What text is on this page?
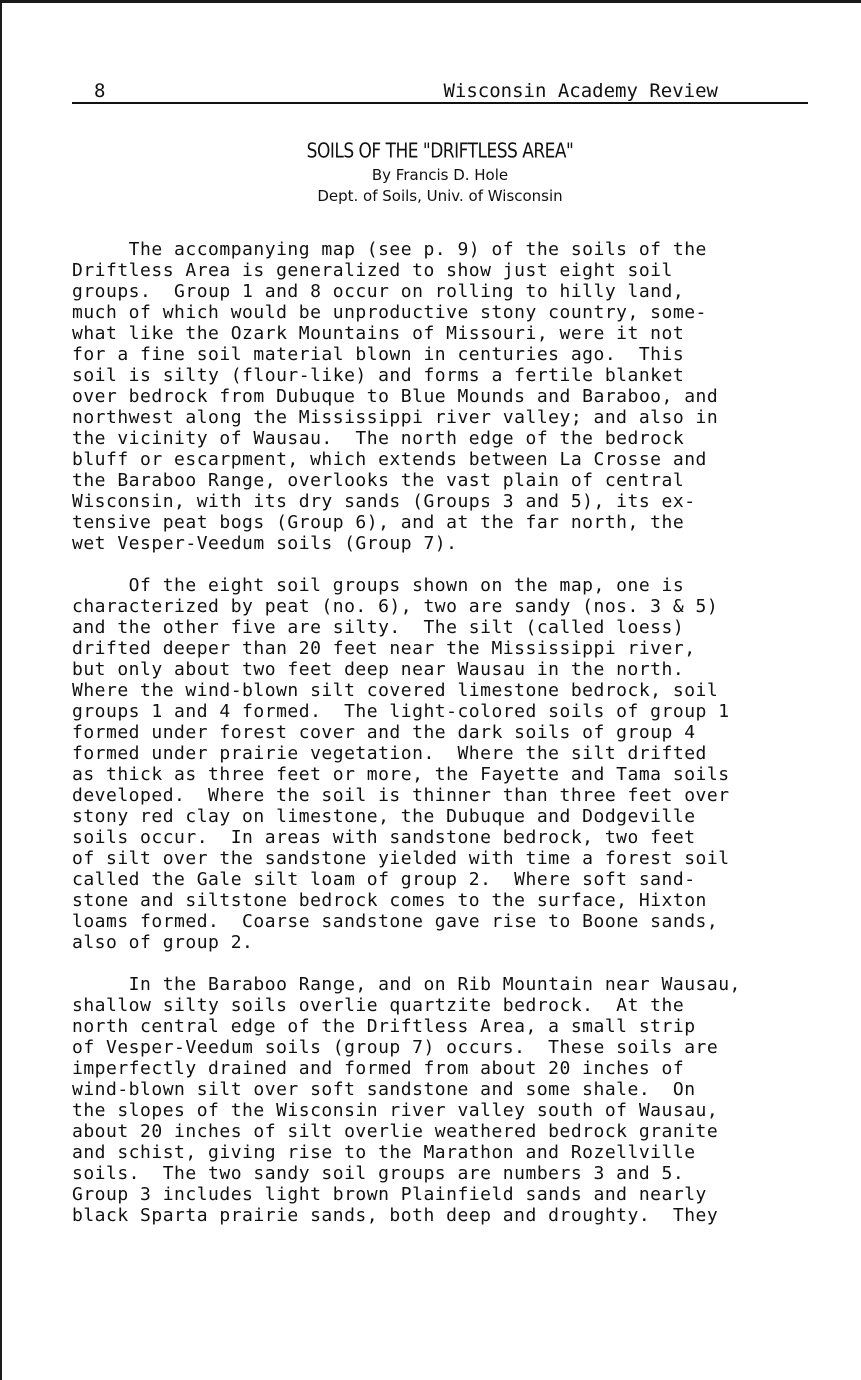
8	Wisconsin Academy Review
SOILS OF THE "DRIFTLESS AREA"
By Francis D. Hole
Dept. of Soils, Univ. of Wisconsin
The accompanying map (see p. 9) of the soils of the
Driftless Area is generalized to show just eight soil
groups.  Group 1 and 8 occur on rolling to hilly land,
much of which would be unproductive stony country, some-
what like the Ozark Mountains of Missouri, were it not
for a fine soil material blown in centuries ago.  This
soil is silty (flour-like) and forms a fertile blanket
over bedrock from Dubuque to Blue Mounds and Baraboo, and
northwest along the Mississippi river valley; and also in
the vicinity of Wausau.  The north edge of the bedrock
bluff or escarpment, which extends between La Crosse and
the Baraboo Range, overlooks the vast plain of central
Wisconsin, with its dry sands (Groups 3 and 5), its ex-
tensive peat bogs (Group 6), and at the far north, the
wet Vesper-Veedum soils (Group 7).
Of the eight soil groups shown on the map, one is
characterized by peat (no. 6), two are sandy (nos. 3 & 5)
and the other five are silty.  The silt (called loess)
drifted deeper than 20 feet near the Mississippi river,
but only about two feet deep near Wausau in the north.
Where the wind-blown silt covered limestone bedrock, soil
groups 1 and 4 formed.  The light-colored soils of group 1
formed under forest cover and the dark soils of group 4
formed under prairie vegetation.  Where the silt drifted
as thick as three feet or more, the Fayette and Tama soils
developed.  Where the soil is thinner than three feet over
stony red clay on limestone, the Dubuque and Dodgeville
soils occur.  In areas with sandstone bedrock, two feet
of silt over the sandstone yielded with time a forest soil
called the Gale silt loam of group 2.  Where soft sand-
stone and siltstone bedrock comes to the surface, Hixton
loams formed.  Coarse sandstone gave rise to Boone sands,
also of group 2.
In the Baraboo Range, and on Rib Mountain near Wausau,
shallow silty soils overlie quartzite bedrock.  At the
north central edge of the Driftless Area, a small strip
of Vesper-Veedum soils (group 7) occurs.  These soils are
imperfectly drained and formed from about 20 inches of
wind-blown silt over soft sandstone and some shale.  On
the slopes of the Wisconsin river valley south of Wausau,
about 20 inches of silt overlie weathered bedrock granite
and schist, giving rise to the Marathon and Rozellville
soils.  The two sandy soil groups are numbers 3 and 5.
Group 3 includes light brown Plainfield sands and nearly
black Sparta prairie sands, both deep and droughty.  They
